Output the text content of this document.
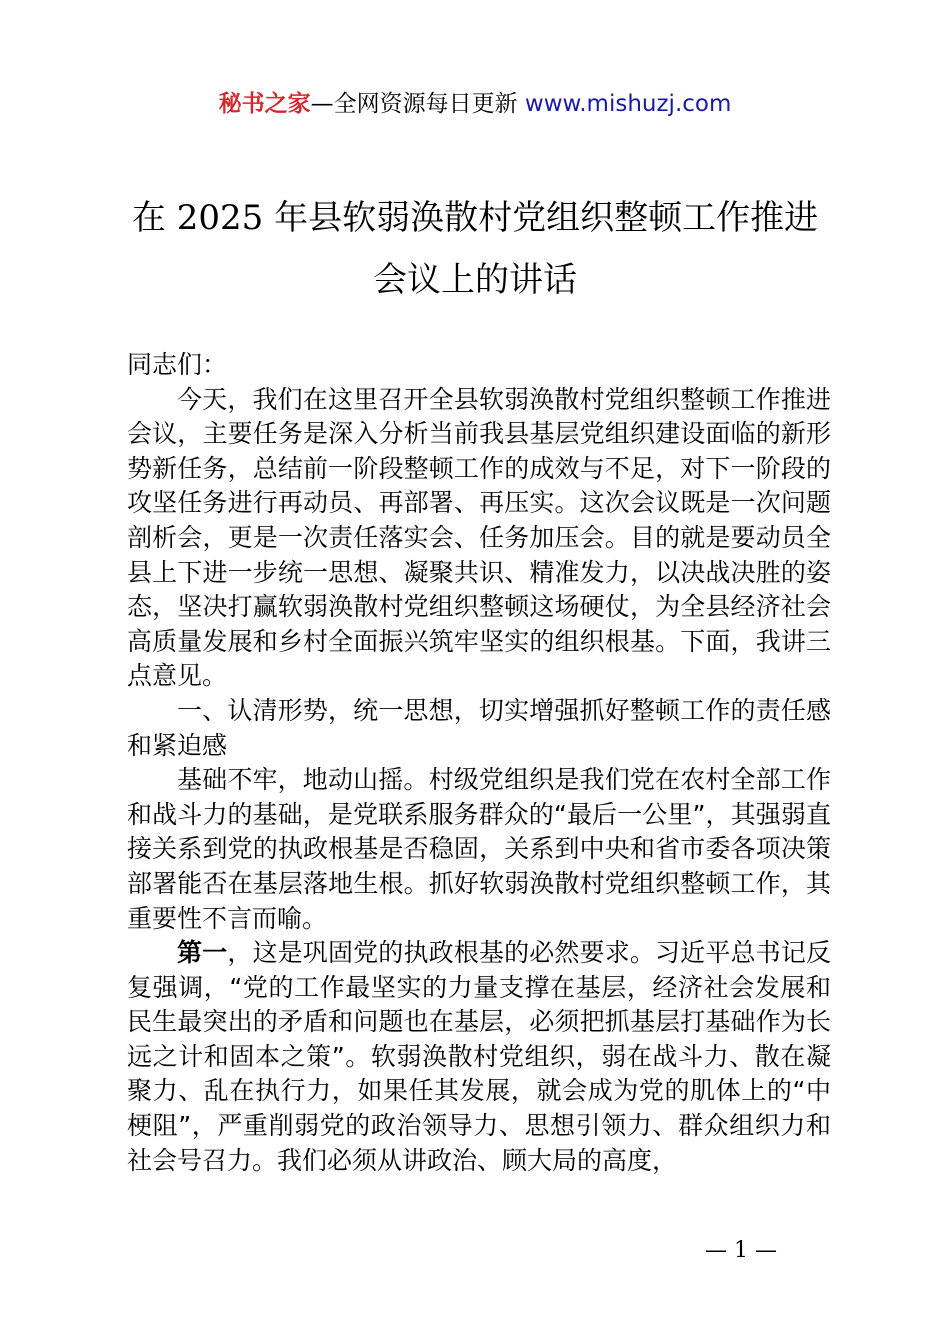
秘书之家—全网资源每日更新 www.mishuzj.com
在 2025 年县软弱涣散村党组织整顿工作推进
会议上的讲话

同志们：

今天，我们在这里召开全县软弱涣散村党组织整顿工作推进会议，主要任务是深入分析当前我县基层党组织建设面临的新形势新任务，总结前一阶段整顿工作的成效与不足，对下一阶段的攻坚任务进行再动员、再部署、再压实。这次会议既是一次问题剖析会，更是一次责任落实会、任务加压会。目的就是要动员全县上下进一步统一思想、凝聚共识、精准发力，以决战决胜的姿态，坚决打赢软弱涣散村党组织整顿这场硬仗，为全县经济社会高质量发展和乡村全面振兴筑牢坚实的组织根基。下面，我讲三点意见。

一、认清形势，统一思想，切实增强抓好整顿工作的责任感和紧迫感

基础不牢，地动山摇。村级党组织是我们党在农村全部工作和战斗力的基础，是党联系服务群众的“最后一公里”，其强弱直接关系到党的执政根基是否稳固，关系到中央和省市委各项决策部署能否在基层落地生根。抓好软弱涣散村党组织整顿工作，其重要性不言而喻。

第一，这是巩固党的执政根基的必然要求。习近平总书记反复强调，“党的工作最坚实的力量支撑在基层，经济社会发展和民生最突出的矛盾和问题也在基层，必须把抓基层打基础作为长远之计和固本之策”。软弱涣散村党组织，弱在战斗力、散在凝聚力、乱在执行力，如果任其发展，就会成为党的肌体上的“中梗阻”，严重削弱党的政治领导力、思想引领力、群众组织力和社会号召力。我们必须从讲政治、顾大局的高度，

— 1 —
